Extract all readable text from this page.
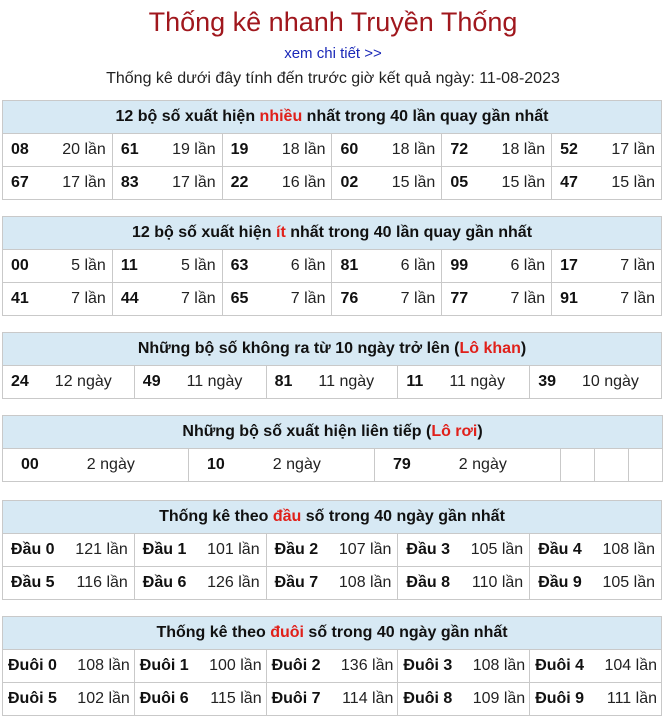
Thống kê nhanh Truyền Thống
xem chi tiết >>
Thống kê dưới đây tính đến trước giờ kết quả ngày: 11-08-2023
12 bộ số xuất hiện nhiều nhất trong 40 lần quay gần nhất					

08 20 lần	61 19 lần	19 18 lần	60 18 lần	72 18 lần	52 17 lần

67 17 lần	83 17 lần	22 16 lần	02 15 lần	05 15 lần	47 15 lần
12 bộ số xuất hiện ít nhất trong 40 lần quay gần nhất					

00 5 lần	11 5 lần	63 6 lần	81 6 lần	99 6 lần	17 7 lần

41 7 lần	44 7 lần	65 7 lần	76 7 lần	77 7 lần	91 7 lần
Những bộ số không ra từ 10 ngày trở lên (Lô khan)

24 12 ngày	49 11 ngày	81 11 ngày	11 11 ngày	39 10 ngày
Những bộ số xuất hiện liên tiếp (Lô rơi)

00	2 ngày	10	2 ngày	79	2 ngày

Thống kê theo đầu số trong 40 ngày gần nhất				

Đầu 0 121 lần	Đầu 1 101 lần	Đầu 2 107 lần	Đầu 3 105 lần	Đầu 4 108 lần

Đầu 5 116 lần	Đầu 6 126 lần	Đầu 7 108 lần	Đầu 8 110 lần	Đầu 9 105 lần
Thống kê theo đuôi số trong 40 ngày gần nhất				

Đuôi 0 108 lần	Đuôi 1 100 lần	Đuôi 2 136 lần	Đuôi 3 108 lần	Đuôi 4 104 lần

Đuôi 5 102 lần	Đuôi 6 115 lần	Đuôi 7 114 lần	Đuôi 8 109 lần	Đuôi 9 111 lần
